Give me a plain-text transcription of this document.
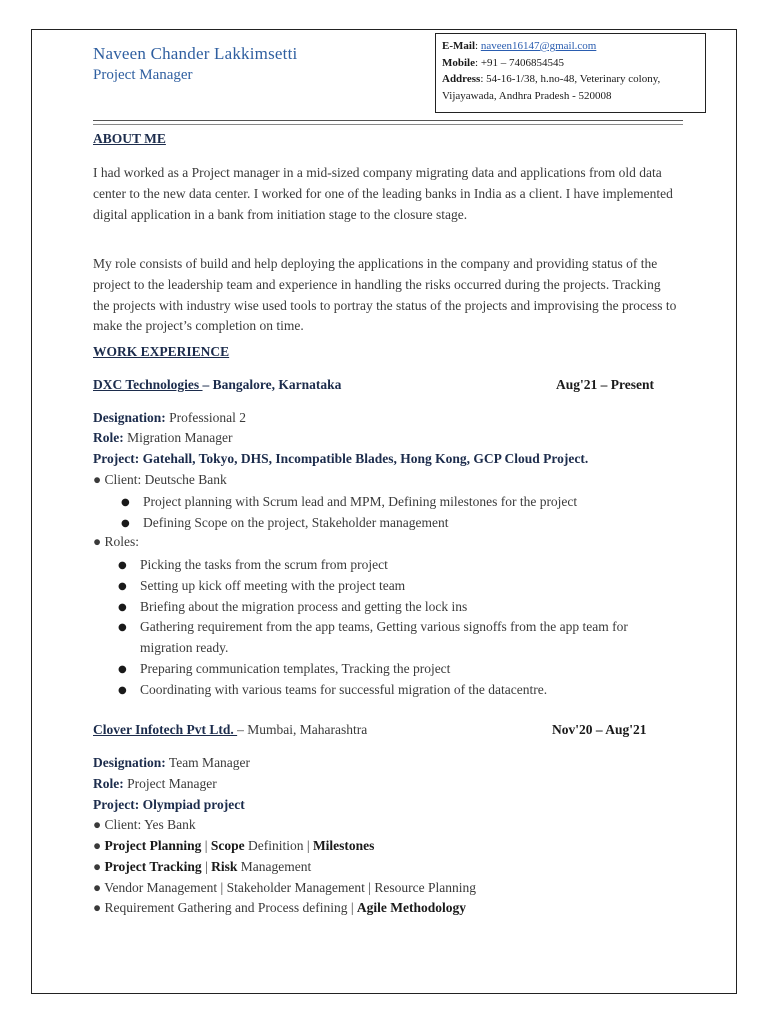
Naveen Chander Lakkimsetti
Project Manager
E-Mail: naveen16147@gmail.com
Mobile: +91 – 7406854545
Address: 54-16-1/38, h.no-48, Veterinary colony,
Vijayawada, Andhra Pradesh - 520008
ABOUT ME
I had worked as a Project manager in a mid-sized company migrating data and applications from old data center to the new data center. I worked for one of the leading banks in India as a client. I have implemented digital application in a bank from initiation stage to the closure stage.
My role consists of build and help deploying the applications in the company and providing status of the project to the leadership team and experience in handling the risks occurred during the projects. Tracking the projects with industry wise used tools to portray the status of the projects and improvising the process to make the project’s completion on time.
WORK EXPERIENCE
DXC Technologies – Bangalore, Karnataka	Aug'21 – Present
Designation: Professional 2
Role: Migration Manager
Project: Gatehall, Tokyo, DHS, Incompatible Blades, Hong Kong, GCP Cloud Project.
● Client: Deutsche Bank
● Project planning with Scrum lead and MPM, Defining milestones for the project
● Defining Scope on the project, Stakeholder management
● Roles:
● Picking the tasks from the scrum from project
● Setting up kick off meeting with the project team
● Briefing about the migration process and getting the lock ins
● Gathering requirement from the app teams, Getting various signoffs from the app team for migration ready.
● Preparing communication templates, Tracking the project
● Coordinating with various teams for successful migration of the datacentre.
Clover Infotech Pvt Ltd. – Mumbai, Maharashtra	Nov'20 – Aug'21
Designation: Team Manager
Role: Project Manager
Project: Olympiad project
● Client: Yes Bank
● Project Planning | Scope Definition | Milestones
● Project Tracking | Risk Management
● Vendor Management | Stakeholder Management | Resource Planning
● Requirement Gathering and Process defining | Agile Methodology
